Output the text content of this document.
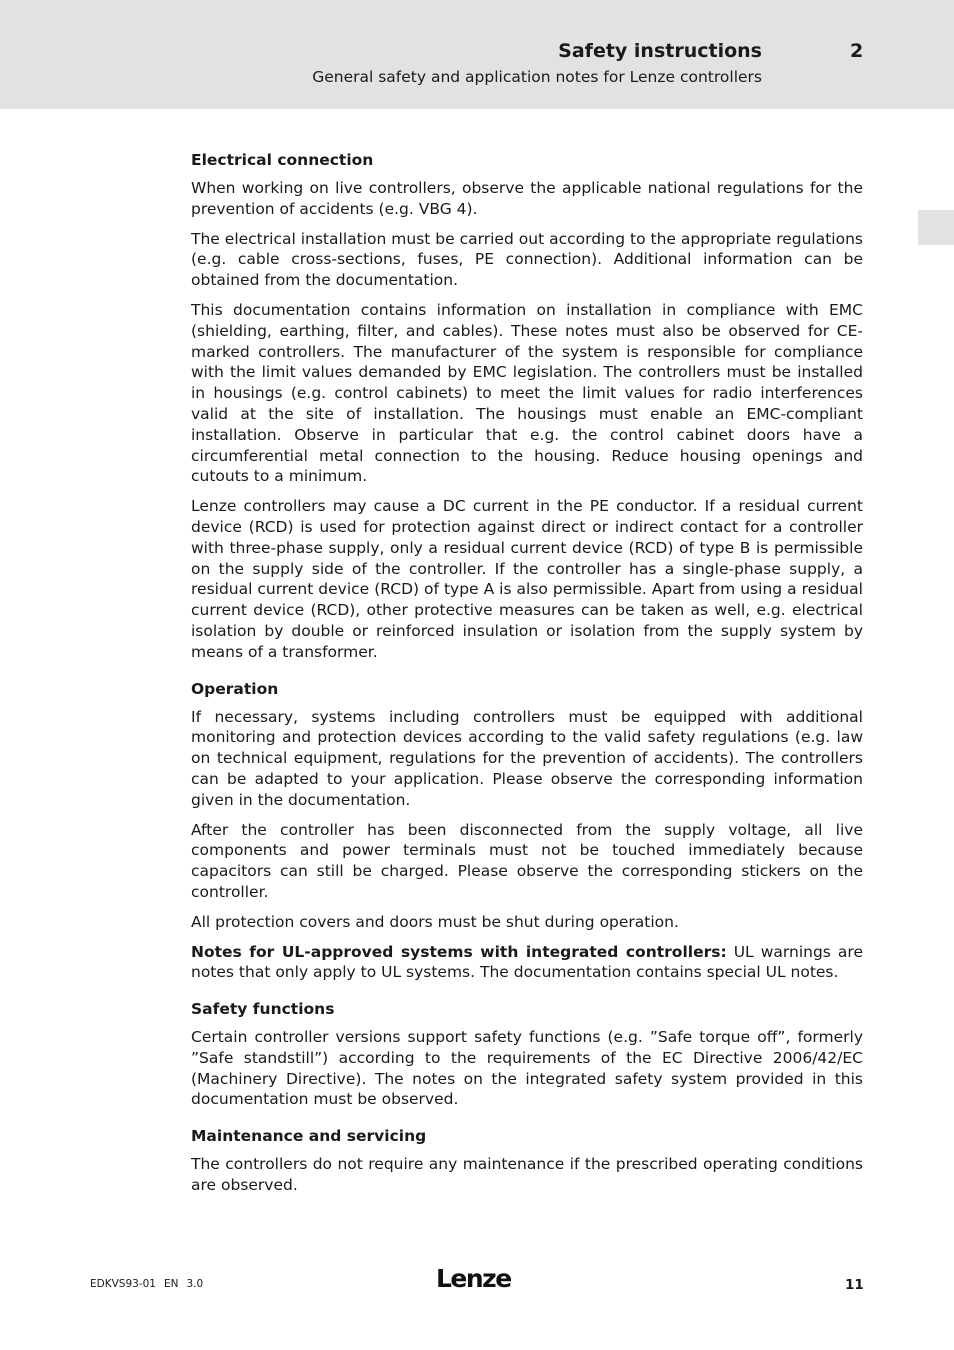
Safety instructions	2
General safety and application notes for Lenze controllers
Electrical connection

When working on live controllers, observe the applicable national regulations for the prevention of accidents (e.g. VBG 4).

The electrical installation must be carried out according to the appropriate regulations (e.g. cable cross-sections, fuses, PE connection). Additional information can be obtained from the documentation.

This documentation contains information on installation in compliance with EMC (shielding, earthing, filter, and cables). These notes must also be observed for CE-marked controllers. The manufacturer of the system is responsible for compliance with the limit values demanded by EMC legislation. The controllers must be installed in housings (e.g. control cabinets) to meet the limit values for radio interferences valid at the site of installation. The housings must enable an EMC-compliant installation. Observe in particular that e.g. the control cabinet doors have a circumferential metal connection to the housing. Reduce housing openings and cutouts to a minimum.

Lenze controllers may cause a DC current in the PE conductor. If a residual current device (RCD) is used for protection against direct or indirect contact for a controller with three-phase supply, only a residual current device (RCD) of type B is permissible on the supply side of the controller. If the controller has a single-phase supply, a residual current device (RCD) of type A is also permissible. Apart from using a residual current device (RCD), other protective measures can be taken as well, e.g. electrical isolation by double or reinforced insulation or isolation from the supply system by means of a transformer.

Operation

If necessary, systems including controllers must be equipped with additional monitoring and protection devices according to the valid safety regulations (e.g. law on technical equipment, regulations for the prevention of accidents). The controllers can be adapted to your application. Please observe the corresponding information given in the documentation.

After the controller has been disconnected from the supply voltage, all live components and power terminals must not be touched immediately because capacitors can still be charged. Please observe the corresponding stickers on the controller.

All protection covers and doors must be shut during operation.

Notes for UL-approved systems with integrated controllers: UL warnings are notes that only apply to UL systems. The documentation contains special UL notes.

Safety functions

Certain controller versions support safety functions (e.g. ”Safe torque off”, formerly ”Safe standstill”) according to the requirements of the EC Directive 2006/42/EC (Machinery Directive). The notes on the integrated safety system provided in this documentation must be observed.

Maintenance and servicing

The controllers do not require any maintenance if the prescribed operating conditions are observed.

EDKVS93-01 EN 3.0	Lenze	11
